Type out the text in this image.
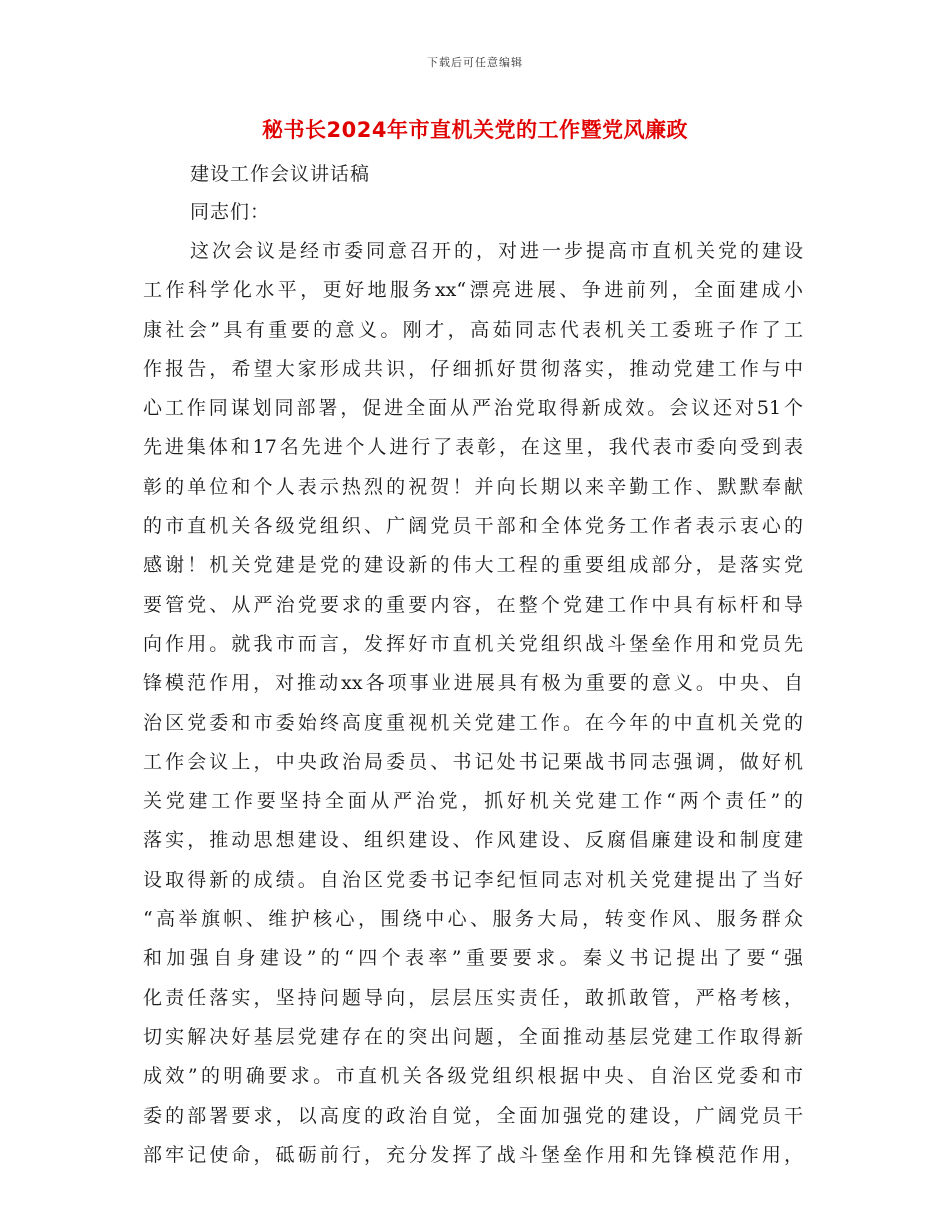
下载后可任意编辑
秘书长2024年市直机关党的工作暨党风廉政
建设工作会议讲话稿
同志们：
这次会议是经市委同意召开的，对进一步提高市直机关党的建设
工作科学化水平，更好地服务xx“漂亮进展、争进前列，全面建成小
康社会”具有重要的意义。刚才，高茹同志代表机关工委班子作了工
作报告，希望大家形成共识，仔细抓好贯彻落实，推动党建工作与中
心工作同谋划同部署，促进全面从严治党取得新成效。会议还对51个
先进集体和17名先进个人进行了表彰，在这里，我代表市委向受到表
彰的单位和个人表示热烈的祝贺！并向长期以来辛勤工作、默默奉献
的市直机关各级党组织、广阔党员干部和全体党务工作者表示衷心的
感谢！机关党建是党的建设新的伟大工程的重要组成部分，是落实党
要管党、从严治党要求的重要内容，在整个党建工作中具有标杆和导
向作用。就我市而言，发挥好市直机关党组织战斗堡垒作用和党员先
锋模范作用，对推动xx各项事业进展具有极为重要的意义。中央、自
治区党委和市委始终高度重视机关党建工作。在今年的中直机关党的
工作会议上，中央政治局委员、书记处书记栗战书同志强调，做好机
关党建工作要坚持全面从严治党，抓好机关党建工作“两个责任”的
落实，推动思想建设、组织建设、作风建设、反腐倡廉建设和制度建
设取得新的成绩。自治区党委书记李纪恒同志对机关党建提出了当好
“高举旗帜、维护核心，围绕中心、服务大局，转变作风、服务群众
和加强自身建设”的“四个表率”重要要求。秦义书记提出了要“强
化责任落实，坚持问题导向，层层压实责任，敢抓敢管，严格考核，
切实解决好基层党建存在的突出问题，全面推动基层党建工作取得新
成效”的明确要求。市直机关各级党组织根据中央、自治区党委和市
委的部署要求，以高度的政治自觉，全面加强党的建设，广阔党员干
部牢记使命，砥砺前行，充分发挥了战斗堡垒作用和先锋模范作用，
